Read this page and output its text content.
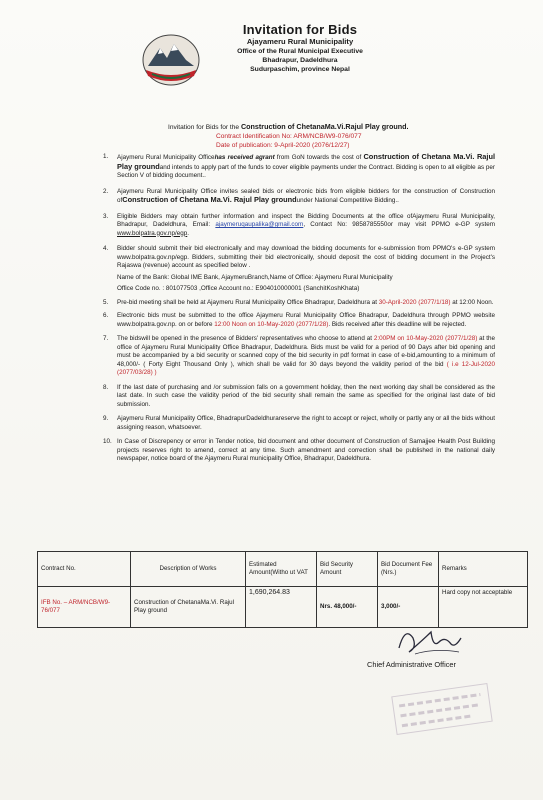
Invitation for Bids
Ajayameru Rural Municipality
Office of the Rural Municipal Executive
Bhadrapur, Dadeldhura
Sudurpaschim, province Nepal
Invitation for Bids for the Construction of ChetanaMa.Vi.Rajul Play ground.
Contract Identification No: ARM/NCB/W9-076/077
Date of publication: 9-April-2020 (2076/12/27)
1.	Ajaymeru Rural Municipality Officehas received agrant from GoN towards the cost of Construction of Chetana Ma.Vi. Rajul Play groundand intends to apply part of the funds to cover eligible payments under the Contract. Bidding is open to all eligible as per Section V of bidding document..
2.	Ajaymeru Rural Municipality Office invites sealed bids or electronic bids from eligible bidders for the construction of Construction ofConstruction of Chetana Ma.Vi. Rajul Play groundunder National Competitive Bidding..
3.	Eligible Bidders may obtain further information and inspect the Bidding Documents at the office ofAjaymeru Rural Municipality, Bhadrapur, Dadeldhura, Email: ajaymeruqaupalika@gmail.com, Contact No: 9858785550or may visit PPMO e-GP system www.bolpatra.gov.np/egp.
4.	Bidder should submit their bid electronically and may download the bidding documents for e-submission from PPMO's e-GP system www.bolpatra.gov.np/egp. Bidders, submitting their bid electronically, should deposit the cost of bidding document in the Project's Rajaswa (revenue) account as specified below .
Name of the Bank: Global IME Bank, AjaymeruBranch,Name of Office: Ajaymeru Rural Municipality
Office Code no. : 801077503 ,Office Account no.: E904010000001 (SanchitKoshKhata)
5.	Pre-bid meeting shall be held at Ajaymeru Rural Municipality Office Bhadrapur, Dadeldhura at 30-April-2020 (2077/1/18) at 12:00 Noon.
6.	Electronic bids must be submitted to the office Ajaymeru Rural Municipality Office Bhadrapur, Dadeldhura through PPMO website www.bolpatra.gov.np. on or before 12:00 Noon on 10-May-2020 (2077/1/28). Bids received after this deadline will be rejected.
7.	The bidswill be opened in the presence of Bidders' representatives who choose to attend at 2:00PM on 10-May-2020 (2077/1/28) at the office of Ajaymeru Rural Municipality Office Bhadrapur, Dadeldhura. Bids must be valid for a period of 90 Days after bid opening and must be accompanied by a bid security or scanned copy of the bid security in pdf format in case of e-bid,amounting to a minimum of 48,000/- ( Forty Eight Thousand Only ), which shall be valid for 30 days beyond the validity period of the bid ( i.e 12-Jul-2020 (2077/03/28) )
8.	If the last date of purchasing and /or submission falls on a government holiday, then the next working day shall be considered as the last date. In such case the validity period of the bid security shall remain the same as specified for the original last date of bid submission.
9.	Ajaymeru Rural Municipality Office, BhadrapurDadeldhurareserve the right to accept or reject, wholly or partly any or all the bids without assigning reason, whatsoever.
10. In Case of Discrepency or error in Tender notice, bid document and other document of Construction of Samajjee Health Post Building projects reserves right to amend, correct at any time. Such amendment and correction shall be published in the national daily newspaper, notice board of the Ajaymeru Rural municipality Office, Bhadrapur, Dadeldhura.
Contract No.	Description of Works	Estimated Amount(Witho ut VAT	Bid Security Amount	Bid Document Fee (Nrs.)	Remarks
IFB No. – ARM/NCB/W9-76/077	Construction of ChetanaMa.Vi. Rajul Play ground	1,690,264.83	Nrs. 48,000/-	3,000/-	Hard copy not acceptable
Chief Administrative Officer
